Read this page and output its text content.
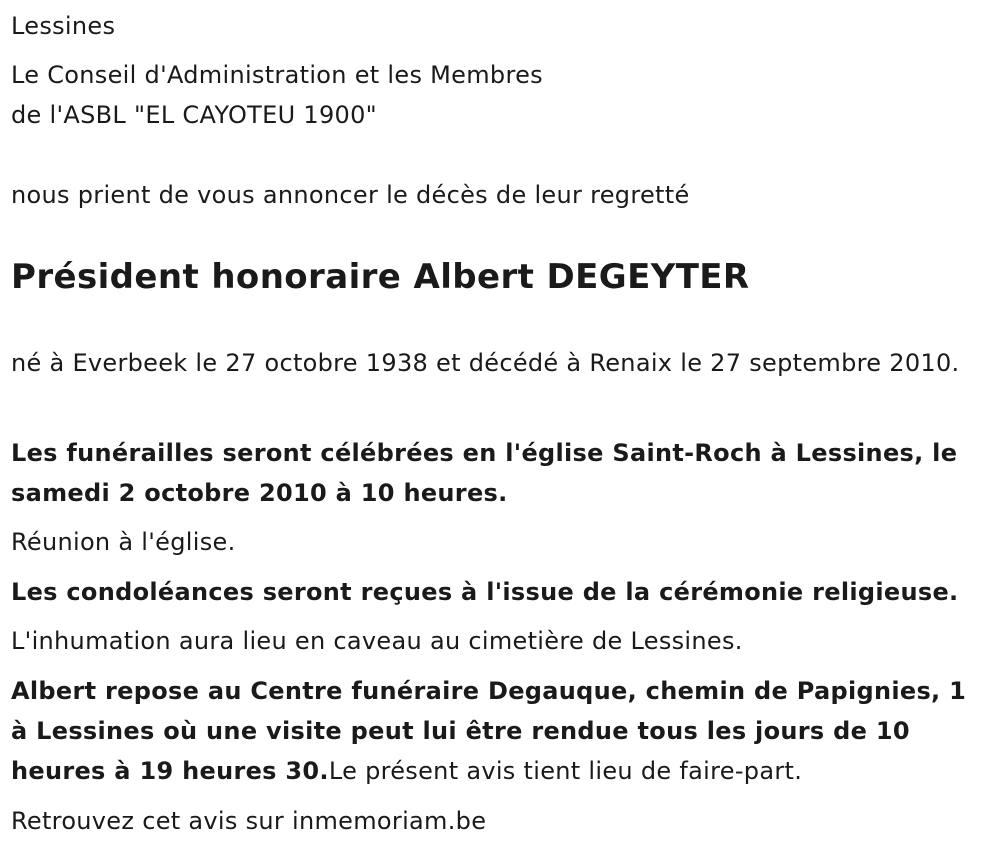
Lessines
Le Conseil d'Administration et les Membres
de l'ASBL "EL CAYOTEU 1900"
nous prient de vous annoncer le décès de leur regretté
Président honoraire Albert DEGEYTER
né à Everbeek le 27 octobre 1938 et décédé à Renaix le 27 septembre 2010.
Les funérailles seront célébrées en l'église Saint-Roch à Lessines, le samedi 2 octobre 2010 à 10 heures.
Réunion à l'église.
Les condoléances seront reçues à l'issue de la cérémonie religieuse.
L'inhumation aura lieu en caveau au cimetière de Lessines.
Albert repose au Centre funéraire Degauque, chemin de Papignies, 1 à Lessines où une visite peut lui être rendue tous les jours de 10 heures à 19 heures 30.Le présent avis tient lieu de faire-part.
Retrouvez cet avis sur inmemoriam.be
